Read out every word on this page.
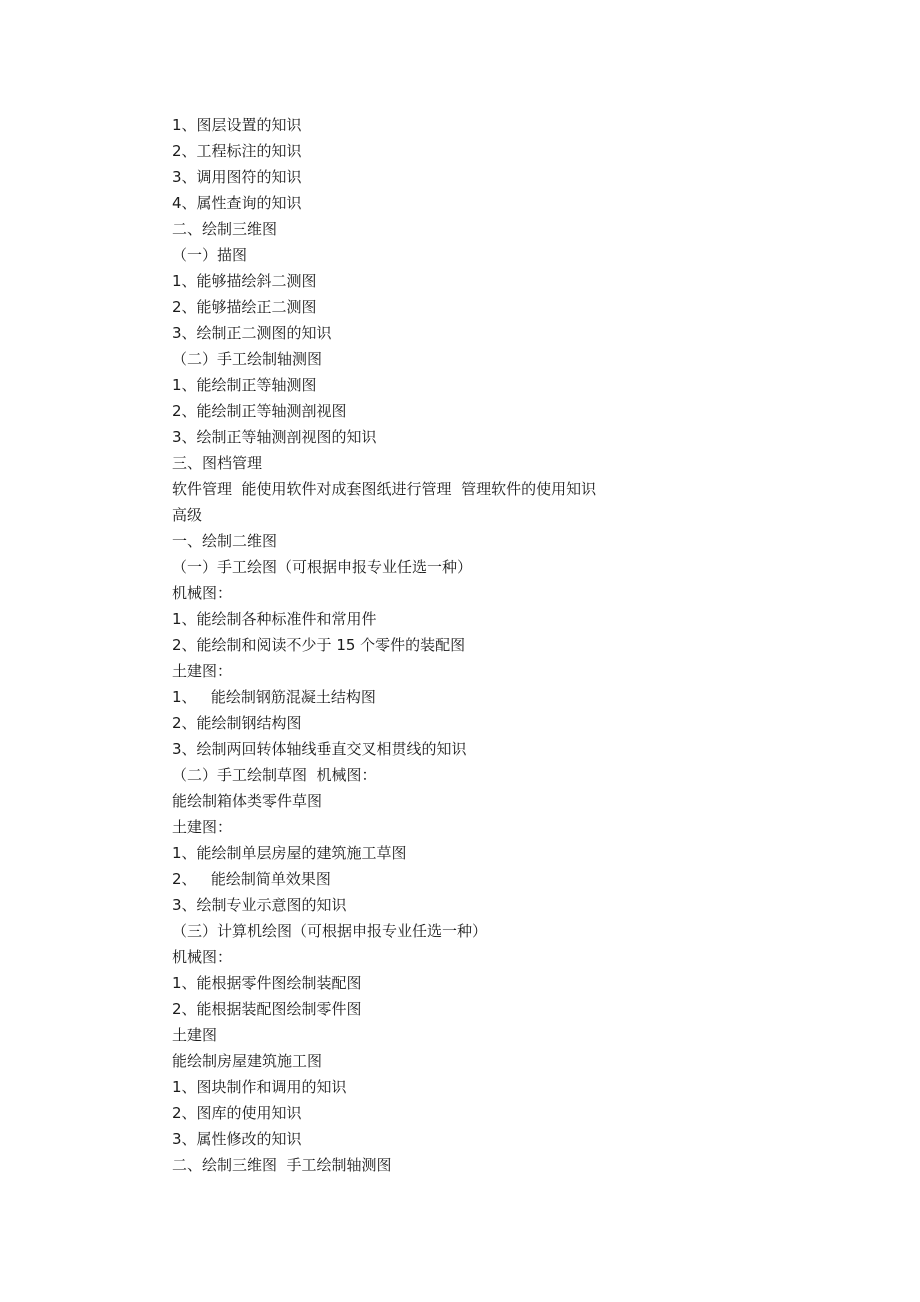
1、图层设置的知识
2、工程标注的知识
3、调用图符的知识
4、属性查询的知识
二、绘制三维图
（一）描图
1、能够描绘斜二测图
2、能够描绘正二测图
3、绘制正二测图的知识
（二）手工绘制轴测图
1、能绘制正等轴测图
2、能绘制正等轴测剖视图
3、绘制正等轴测剖视图的知识
三、图档管理
软件管理  能使用软件对成套图纸进行管理  管理软件的使用知识
高级
一、绘制二维图
（一）手工绘图（可根据申报专业任选一种）
机械图：
1、能绘制各种标准件和常用件
2、能绘制和阅读不少于 15 个零件的装配图
土建图：
1、   能绘制钢筋混凝土结构图
2、能绘制钢结构图
3、绘制两回转体轴线垂直交叉相贯线的知识
（二）手工绘制草图  机械图：
能绘制箱体类零件草图
土建图：
1、能绘制单层房屋的建筑施工草图
2、   能绘制简单效果图
3、绘制专业示意图的知识
（三）计算机绘图（可根据申报专业任选一种）
机械图：
1、能根据零件图绘制装配图
2、能根据装配图绘制零件图
土建图
能绘制房屋建筑施工图
1、图块制作和调用的知识
2、图库的使用知识
3、属性修改的知识
二、绘制三维图  手工绘制轴测图
